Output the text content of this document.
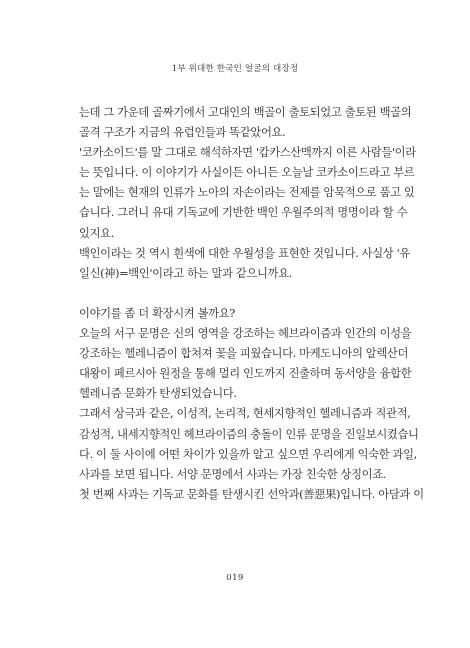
1부 위대한 한국인 얼굴의 대장정
는데 그 가운데 골짜기에서 고대인의 백골이 출토되었고 출토된 백골의
골격 구조가 지금의 유럽인들과 똑같았어요.
'코카소이드'를 말 그대로 해석하자면 '캅카스산맥까지 이른 사람들'이라
는 뜻입니다. 이 이야기가 사실이든 아니든 오늘날 코카소이드라고 부르
는 말에는 현재의 인류가 노아의 자손이라는 전제를 암묵적으로 품고 있
습니다. 그러니 유대 기독교에 기반한 백인 우월주의적 명명이라 할 수
있지요.
백인이라는 것 역시 흰색에 대한 우월성을 표현한 것입니다. 사실상 '유
일신(神)=백인'이라고 하는 말과 같으니까요.
이야기를 좀 더 확장시켜 볼까요?
오늘의 서구 문명은 신의 영역을 강조하는 헤브라이즘과 인간의 이성을
강조하는 헬레니즘이 합쳐져 꽃을 피웠습니다. 마케도니아의 알렉산더
대왕이 페르시아 원정을 통해 멀리 인도까지 진출하며 동서양을 융합한
헬레니즘 문화가 탄생되었습니다.
그래서 상극과 같은, 이성적, 논리적, 현세지향적인 헬레니즘과 직관적,
감성적, 내세지향적인 헤브라이즘의 충돌이 인류 문명을 진일보시켰습니
다. 이 둘 사이에 어떤 차이가 있을까 알고 싶으면 우리에게 익숙한 과일,
사과를 보면 됩니다. 서양 문명에서 사과는 가장 친숙한 상징이죠.
첫 번째 사과는 기독교 문화를 탄생시킨 선악과(善惡果)입니다. 아담과 이
019
